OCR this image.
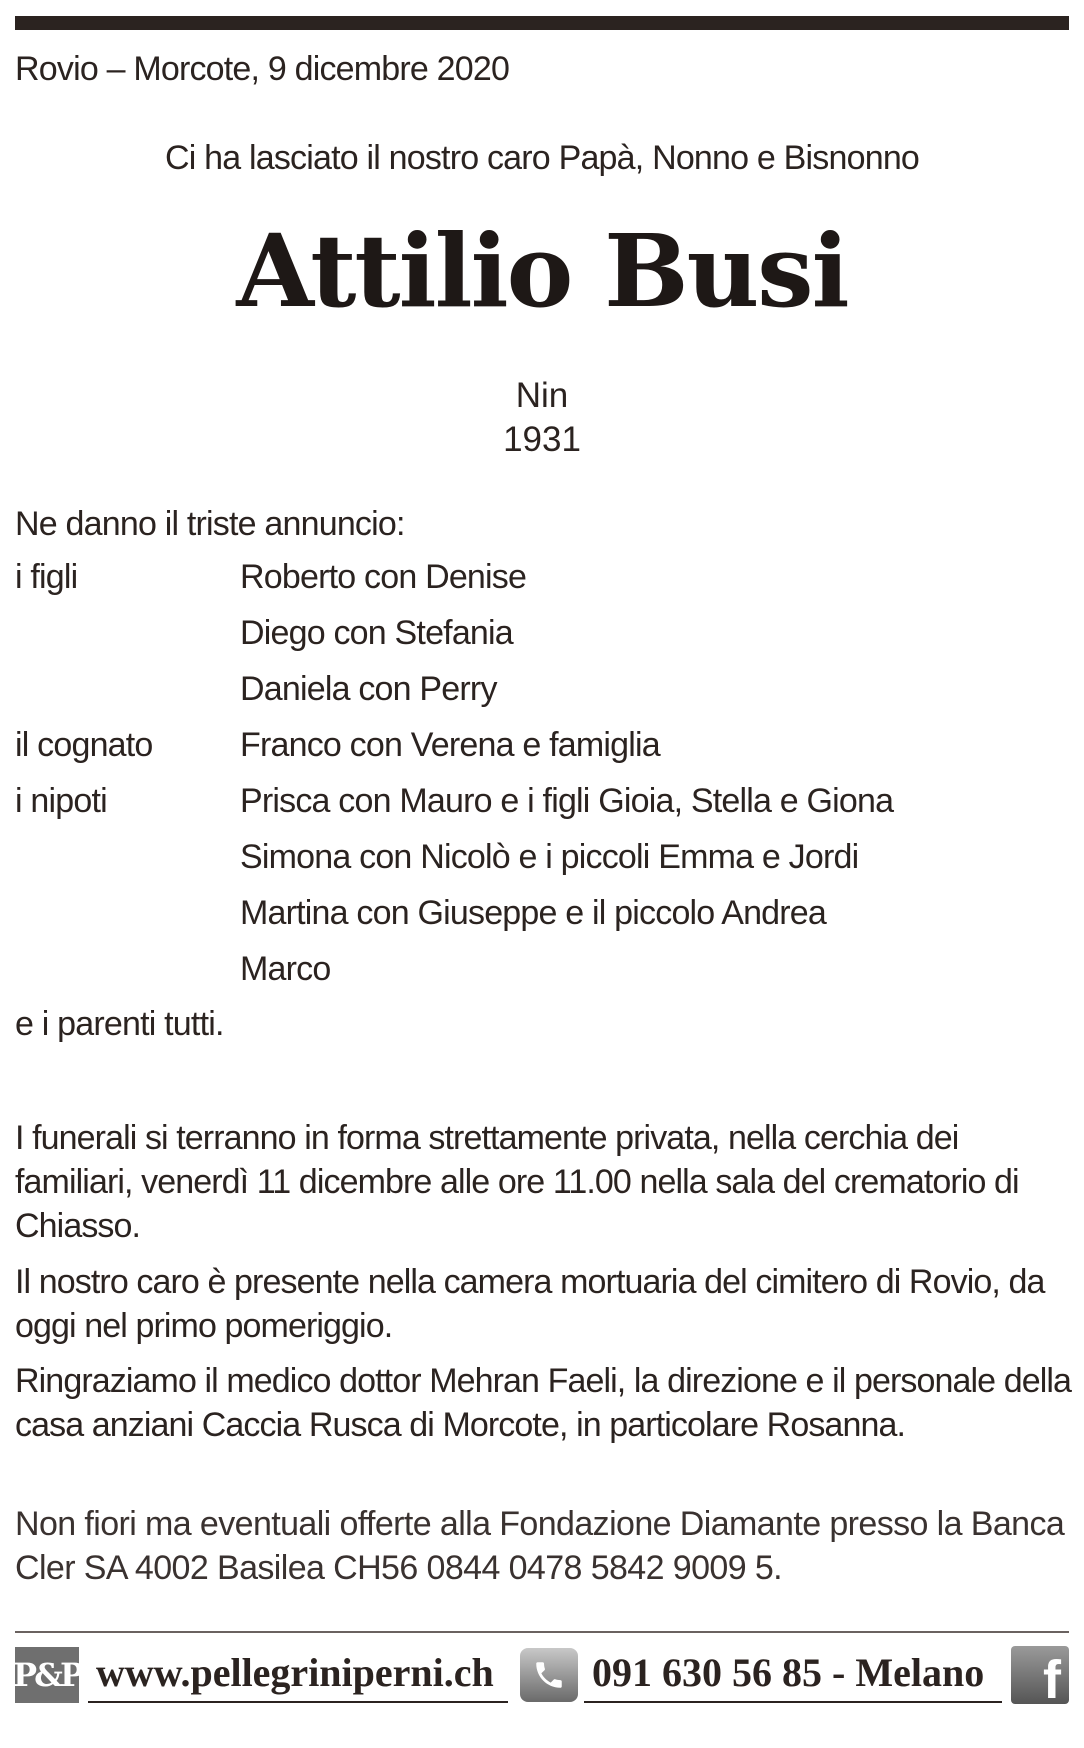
Rovio – Morcote, 9 dicembre 2020
Ci ha lasciato il nostro caro Papà, Nonno e Bisnonno
Attilio Busi
Nin
1931
Ne danno il triste annuncio:
i figli	Roberto con Denise
Diego con Stefania
Daniela con Perry
il cognato	Franco con Verena e famiglia
i nipoti	Prisca con Mauro e i figli Gioia, Stella e Giona
Simona con Nicolò e i piccoli Emma e Jordi
Martina con Giuseppe e il piccolo Andrea
Marco
e i parenti tutti.
I funerali si terranno in forma strettamente privata, nella cerchia dei familiari, venerdì 11 dicembre alle ore 11.00 nella sala del crematorio di Chiasso.
Il nostro caro è presente nella camera mortuaria del cimitero di Rovio, da oggi nel primo pomeriggio.
Ringraziamo il medico dottor Mehran Faeli, la direzione e il personale della casa anziani Caccia Rusca di Morcote, in particolare Rosanna.
Non fiori ma eventuali offerte alla Fondazione Diamante presso la Banca Cler SA 4002 Basilea CH56 0844 0478 5842 9009 5.
P&P www.pellegriniperni.ch	091 630 56 85 - Melano	f
